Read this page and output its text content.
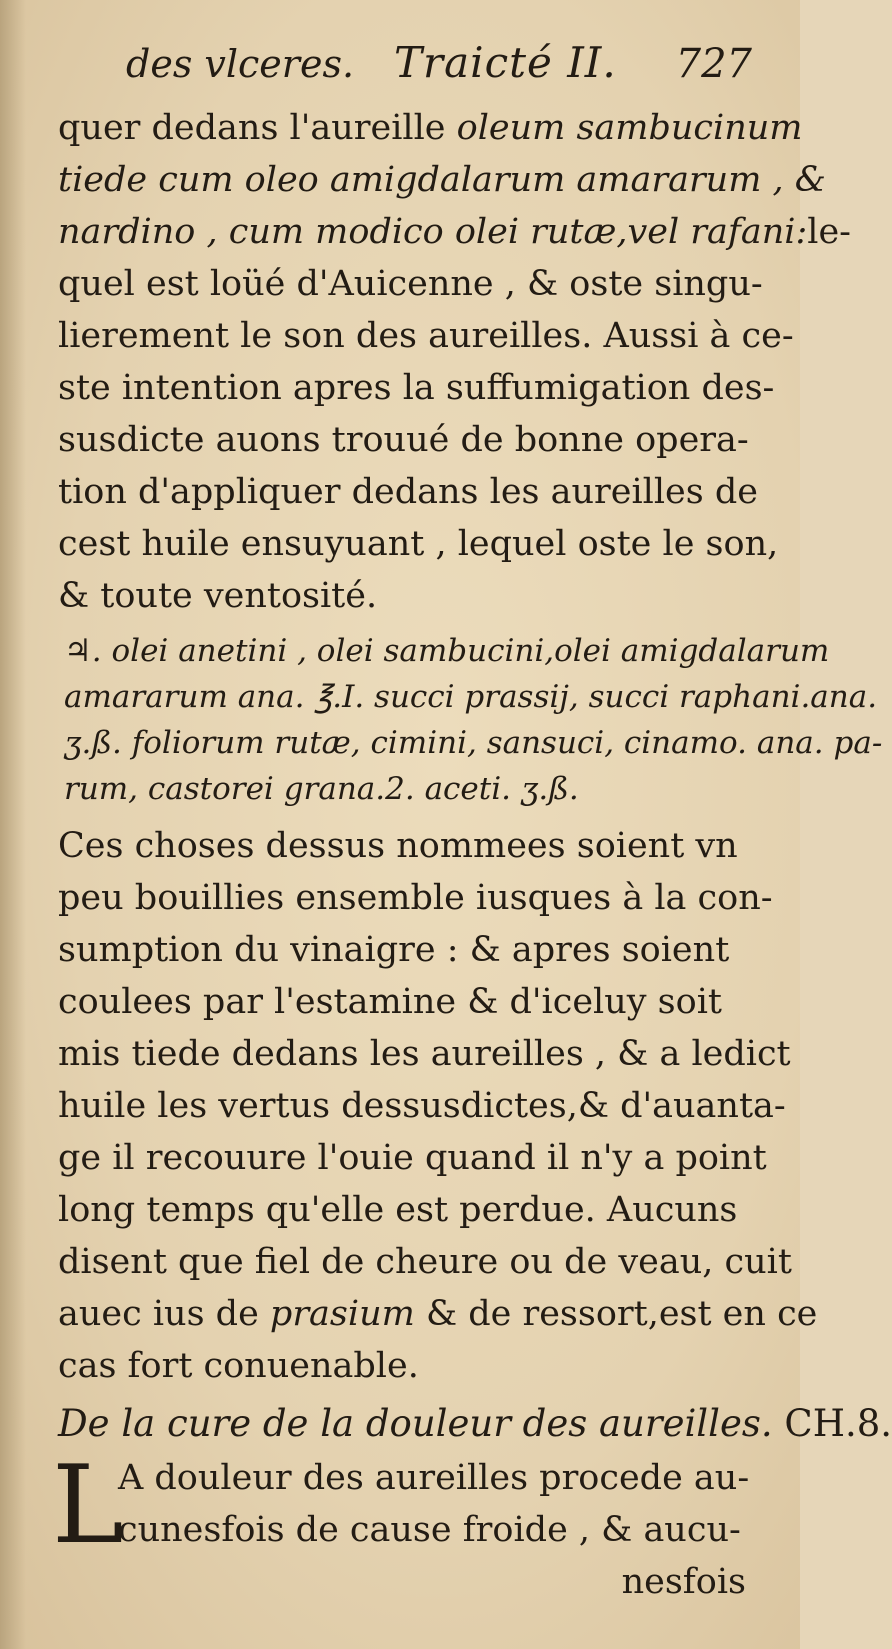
des vlceres. Traicté II. 727
quer dedans l'aureille oleum sambucinum
tiede cum oleo amigdalarum amararum , &
nardino , cum modico olei rutæ,vel rafani:le-
quel est loüé d'Auicenne , & oste singu-
lierement le son des aureilles. Aussi à ce-
ste intention apres la suffumigation des-
susdicte auons trouué de bonne opera-
tion d'appliquer dedans les aureilles de
cest huile ensuyuant , lequel oste le son,
& toute ventosité.
♃. olei anetini , olei sambucini,olei amigdalarum
amararum ana. ℥.I. succi prassij, succi raphani.ana.
ʒ.ß. foliorum rutæ, cimini, sansuci, cinamo. ana. pa-
rum, castorei grana.2. aceti. ʒ.ß.
Ces choses dessus nommees soient vn
peu bouillies ensemble iusques à la con-
sumption du vinaigre : & apres soient
coulees par l'estamine & d'iceluy soit
mis tiede dedans les aureilles , & a ledict
huile les vertus dessusdictes,& d'auanta-
ge il recouure l'ouie quand il n'y a point
long temps qu'elle est perdue. Aucuns
disent que fiel de cheure ou de veau, cuit
auec ius de prasium & de ressort,est en ce
cas fort conuenable.
De la cure de la douleur des aureilles. CH.8.
L
A douleur des aureilles procede au-
cunesfois de cause froide , & aucu-
nesfois
